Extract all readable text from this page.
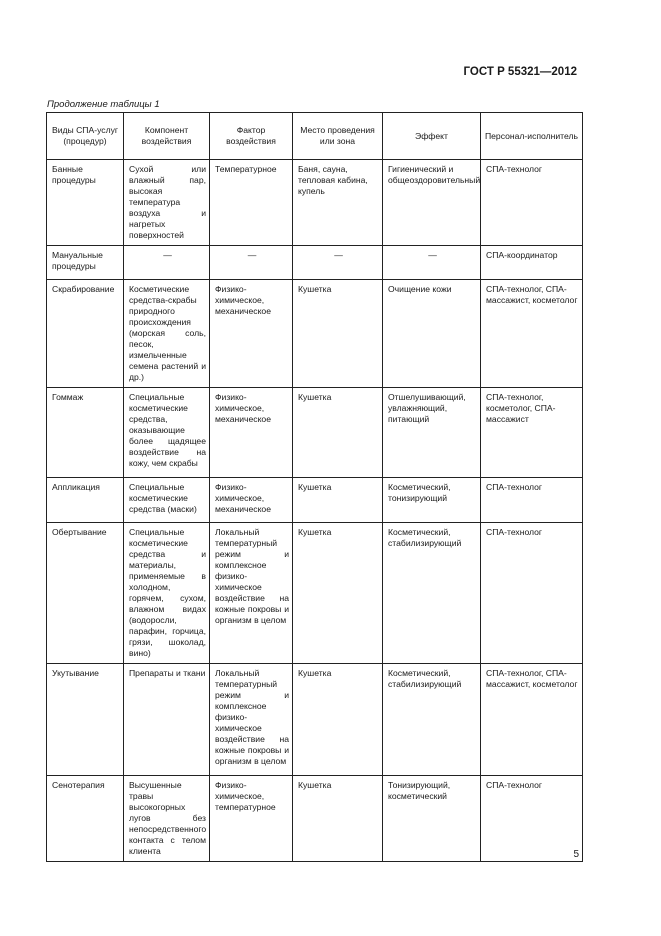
ГОСТ Р 55321—2012
Продолжение таблицы 1
Виды СПА-услуг (процедур)	Компонент воздействия	Фактор воздействия	Место проведения или зона	Эффект	Персонал-исполнитель
Банные процедуры	Сухой или влажный пар, высокая температура воздуха и нагретых поверхностей	Температурное	Баня, сауна, тепловая кабина, купель	Гигиенический и общеоздоровительный	СПА-технолог
Мануальные процедуры	—	—	—	—	СПА-координатор
Скрабирование	Косметические средства-скрабы природного происхождения (морская соль, песок, измельченные семена растений и др.)	Физико-химическое, механическое	Кушетка	Очищение кожи	СПА-технолог, СПА-массажист, косметолог
Гоммаж	Специальные косметические средства, оказывающие более щадящее воздействие на кожу, чем скрабы	Физико-химическое, механическое	Кушетка	Отшелушивающий, увлажняющий, питающий	СПА-технолог, косметолог, СПА-массажист
Аппликация	Специальные косметические средства (маски)	Физико-химическое, механическое	Кушетка	Косметический, тонизирующий	СПА-технолог
Обертывание	Специальные косметические средства и материалы, применяемые в холодном, горячем, сухом, влажном видах (водоросли, парафин, горчица, грязи, шоколад, вино)	Локальный температурный режим и комплексное физико-химическое воздействие на кожные покровы и организм в целом	Кушетка	Косметический, стабилизирующий	СПА-технолог
Укутывание	Препараты и ткани	Локальный температурный режим и комплексное физико-химическое воздействие на кожные покровы и организм в целом	Кушетка	Косметический, стабилизирующий	СПА-технолог, СПА-массажист, косметолог
Сенотерапия	Высушенные травы высокогорных лугов без непосредственного контакта с телом клиента	Физико-химическое, температурное	Кушетка	Тонизирующий, косметический	СПА-технолог
5
